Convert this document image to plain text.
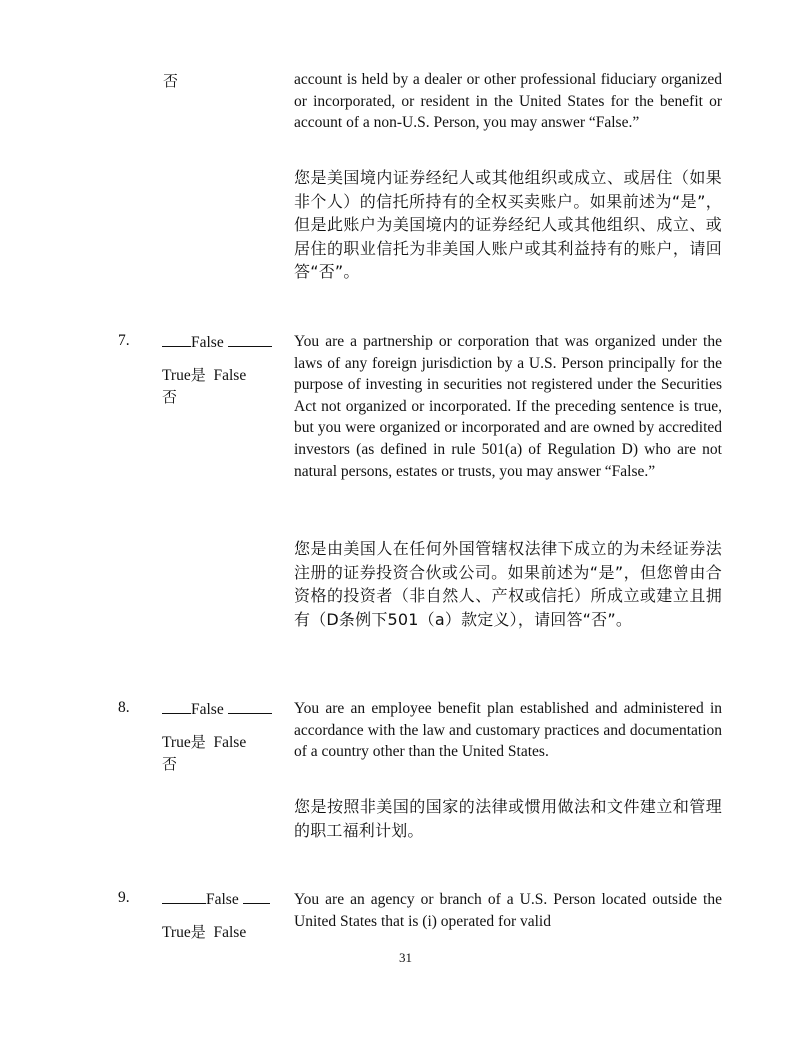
否	account is held by a dealer or other professional fiduciary organized or incorporated, or resident in the United States for the benefit or account of a non-U.S. Person, you may answer “False.”

您是美国境内证券经纪人或其他组织或成立、或居住（如果非个人）的信托所持有的全权买卖账户。如果前述为“是”，但是此账户为美国境内的证券经纪人或其他组织、成立、或居住的职业信托为非美国人账户或其利益持有的账户，请回答“否”。

7.	False
True是 False
否

You are a partnership or corporation that was organized under the laws of any foreign jurisdiction by a U.S. Person principally for the purpose of investing in securities not registered under the Securities Act not organized or incorporated. If the preceding sentence is true, but you were organized or incorporated and are owned by accredited investors (as defined in rule 501(a) of Regulation D) who are not natural persons, estates or trusts, you may answer “False.”

您是由美国人在任何外国管辖权法律下成立的为未经证券法注册的证券投资合伙或公司。如果前述为“是”，但您曾由合资格的投资者（非自然人、产权或信托）所成立或建立且拥有（D条例下501（a）款定义），请回答“否”。

8.	False
True是 False
否

You are an employee benefit plan established and administered in accordance with the law and customary practices and documentation of a country other than the United States.

您是按照非美国的国家的法律或惯用做法和文件建立和管理的职工福利计划。

9.	False
True是 False

You are an agency or branch of a U.S. Person located outside the United States that is (i) operated for valid

31
